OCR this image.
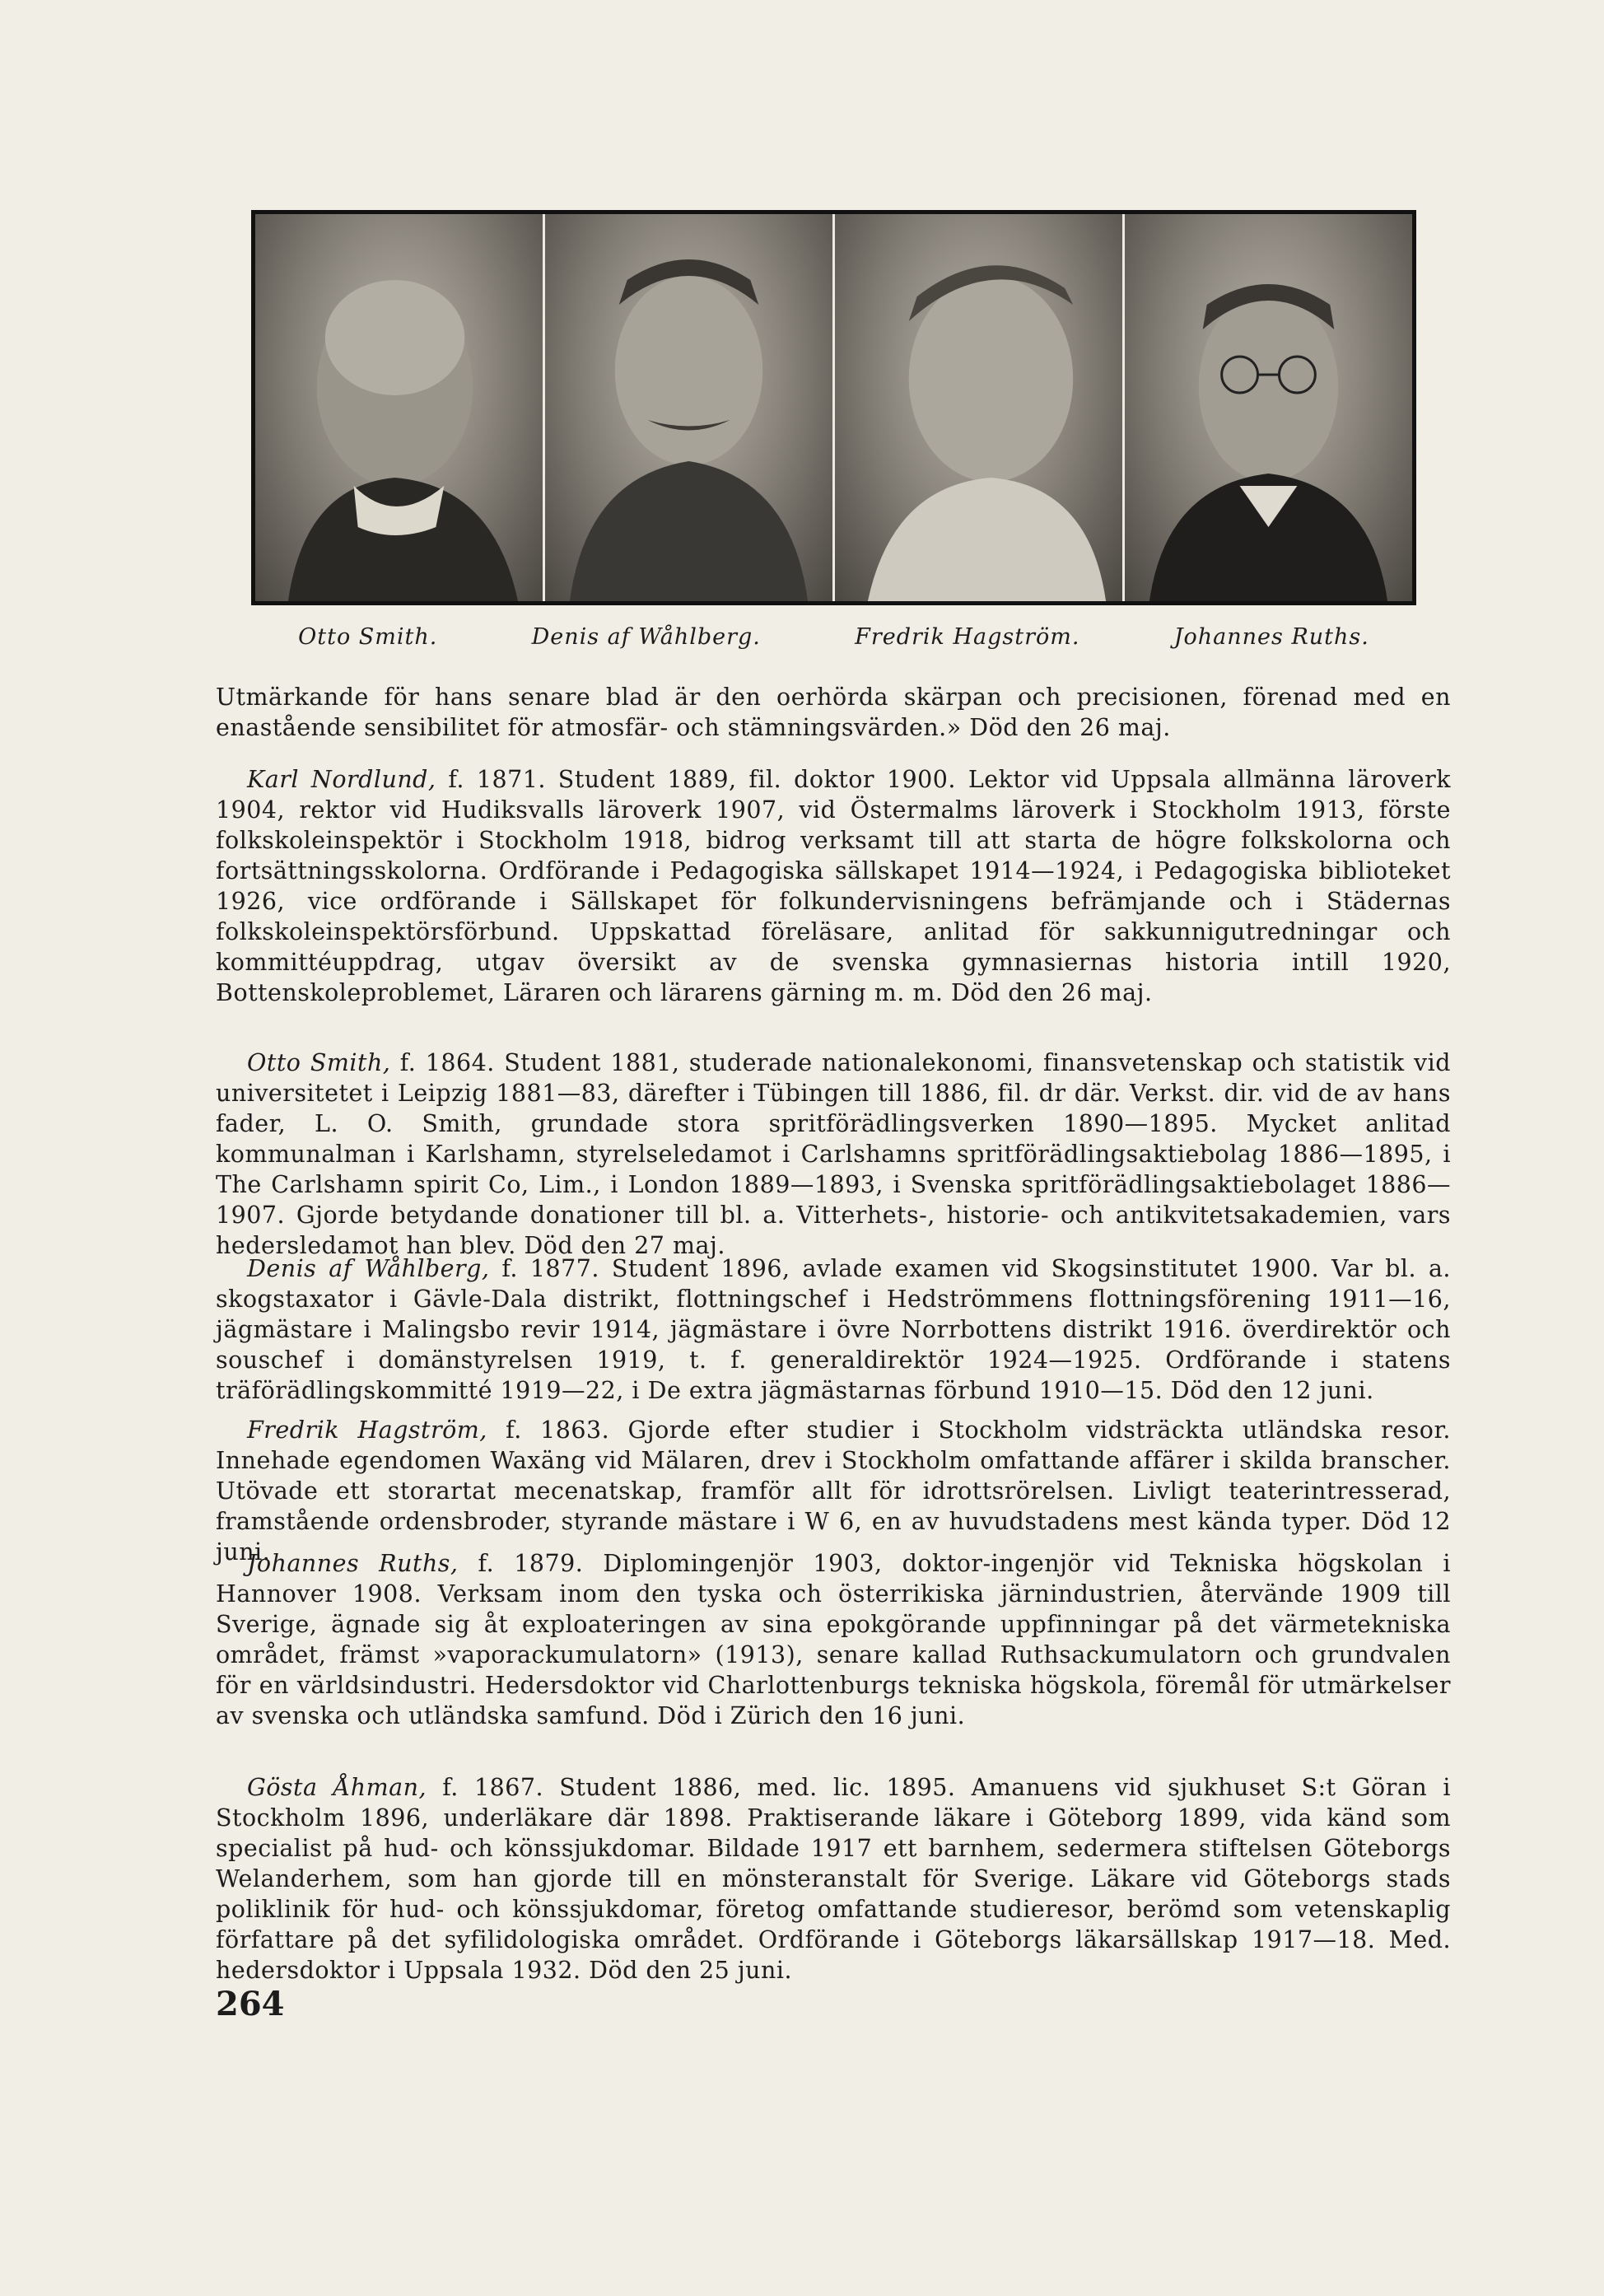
Otto Smith.	Denis af Wåhlberg.	Fredrik Hagström.	Johannes Ruths.

Utmärkande för hans senare blad är den oerhörda skärpan och precisionen, förenad med en enastående sensibilitet för atmosfär- och stämningsvärden.» Död den 26 maj.

Karl Nordlund, f. 1871. Student 1889, fil. doktor 1900. Lektor vid Uppsala allmänna läroverk 1904, rektor vid Hudiksvalls läroverk 1907, vid Östermalms läroverk i Stockholm 1913, förste folkskoleinspektör i Stockholm 1918, bidrog verksamt till att starta de högre folkskolorna och fortsättningsskolorna. Ordförande i Pedagogiska sällskapet 1914—1924, i Pedagogiska biblioteket 1926, vice ordförande i Sällskapet för folkundervisningens befrämjande och i Städernas folkskoleinspektörsförbund. Uppskattad föreläsare, anlitad för sakkunnigutredningar och kommittéuppdrag, utgav översikt av de svenska gymnasiernas historia intill 1920, Bottenskoleproblemet, Läraren och lärarens gärning m. m. Död den 26 maj.

Otto Smith, f. 1864. Student 1881, studerade nationalekonomi, finansvetenskap och statistik vid universitetet i Leipzig 1881—83, därefter i Tübingen till 1886, fil. dr där. Verkst. dir. vid de av hans fader, L. O. Smith, grundade stora spritförädlingsverken 1890—1895. Mycket anlitad kommunalman i Karlshamn, styrelseledamot i Carlshamns spritförädlingsaktiebolag 1886—1895, i The Carlshamn spirit Co, Lim., i London 1889—1893, i Svenska spritförädlingsaktiebolaget 1886—1907. Gjorde betydande donationer till bl. a. Vitterhets-, historie- och antikvitetsakademien, vars hedersledamot han blev. Död den 27 maj.

Denis af Wåhlberg, f. 1877. Student 1896, avlade examen vid Skogsinstitutet 1900. Var bl. a. skogstaxator i Gävle-Dala distrikt, flottningschef i Hedströmmens flottningsförening 1911—16, jägmästare i Malingsbo revir 1914, jägmästare i övre Norrbottens distrikt 1916. överdirektör och souschef i domänstyrelsen 1919, t. f. generaldirektör 1924—1925. Ordförande i statens träförädlingskommitté 1919—22, i De extra jägmästarnas förbund 1910—15. Död den 12 juni.

Fredrik Hagström, f. 1863. Gjorde efter studier i Stockholm vidsträckta utländska resor. Innehade egendomen Waxäng vid Mälaren, drev i Stockholm omfattande affärer i skilda branscher. Utövade ett storartat mecenatskap, framför allt för idrottsrörelsen. Livligt teaterintresserad, framstående ordensbroder, styrande mästare i W 6, en av huvudstadens mest kända typer. Död 12 juni.

Johannes Ruths, f. 1879. Diplomingenjör 1903, doktor-ingenjör vid Tekniska högskolan i Hannover 1908. Verksam inom den tyska och österrikiska järnindustrien, återvände 1909 till Sverige, ägnade sig åt exploateringen av sina epokgörande uppfinningar på det värmetekniska området, främst »vaporackumulatorn» (1913), senare kallad Ruthsackumulatorn och grundvalen för en världsindustri. Hedersdoktor vid Charlottenburgs tekniska högskola, föremål för utmärkelser av svenska och utländska samfund. Död i Zürich den 16 juni.

Gösta Åhman, f. 1867. Student 1886, med. lic. 1895. Amanuens vid sjukhuset S:t Göran i Stockholm 1896, underläkare där 1898. Praktiserande läkare i Göteborg 1899, vida känd som specialist på hud- och könssjukdomar. Bildade 1917 ett barnhem, sedermera stiftelsen Göteborgs Welanderhem, som han gjorde till en mönsteranstalt för Sverige. Läkare vid Göteborgs stads poliklinik för hud- och könssjukdomar, företog omfattande studieresor, berömd som vetenskaplig författare på det syfilidologiska området. Ordförande i Göteborgs läkarsällskap 1917—18. Med. hedersdoktor i Uppsala 1932. Död den 25 juni.

264
